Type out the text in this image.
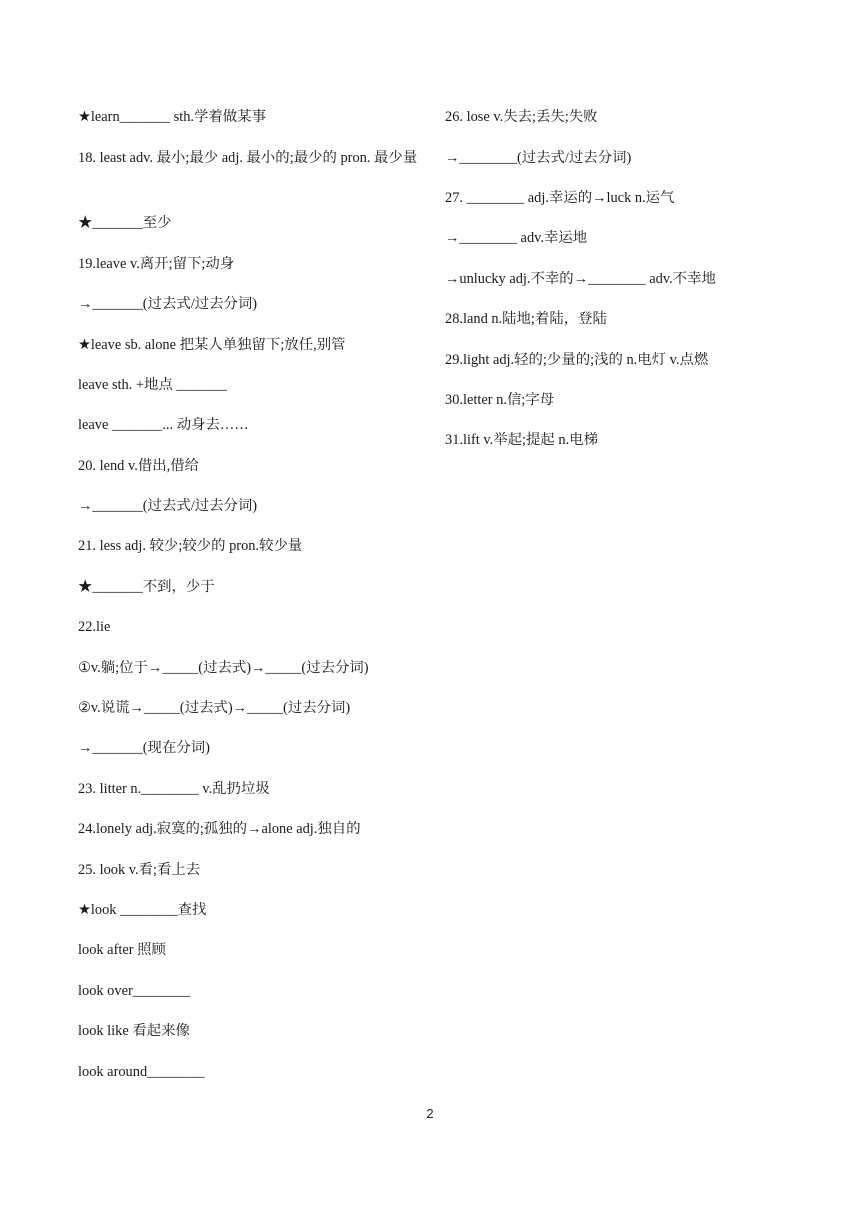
★learn_______ sth.学着做某事
18. least adv. 最小;最少 adj. 最小的;最少的 pron. 最少量
★_______至少
19.leave v.离开;留下;动身
→_______(过去式/过去分词)
★leave sb. alone 把某人单独留下;放任,别管
leave sth. +地点 _______
leave _______... 动身去……
20. lend v.借出,借给
→_______(过去式/过去分词)
21. less adj. 较少;较少的 pron.较少量
★_______不到，少于
22.lie
①v.躺;位于→_____(过去式)→_____(过去分词)
②v.说谎→_____(过去式)→_____(过去分词)
→_______(现在分词)
23. litter n.________ v.乱扔垃圾
24.lonely adj.寂寞的;孤独的→alone adj.独自的
25. look v.看;看上去
★look ________查找
look after 照顾
look over________
look like 看起来像
look around________
26. lose v.失去;丢失;失败
→________(过去式/过去分词)
27. ________ adj.幸运的→luck n.运气
→________ adv.幸运地
→unlucky adj.不幸的→________ adv.不幸地
28.land n.陆地;着陆，登陆
29.light adj.轻的;少量的;浅的 n.电灯 v.点燃
30.letter n.信;字母
31.lift v.举起;提起 n.电梯
2
